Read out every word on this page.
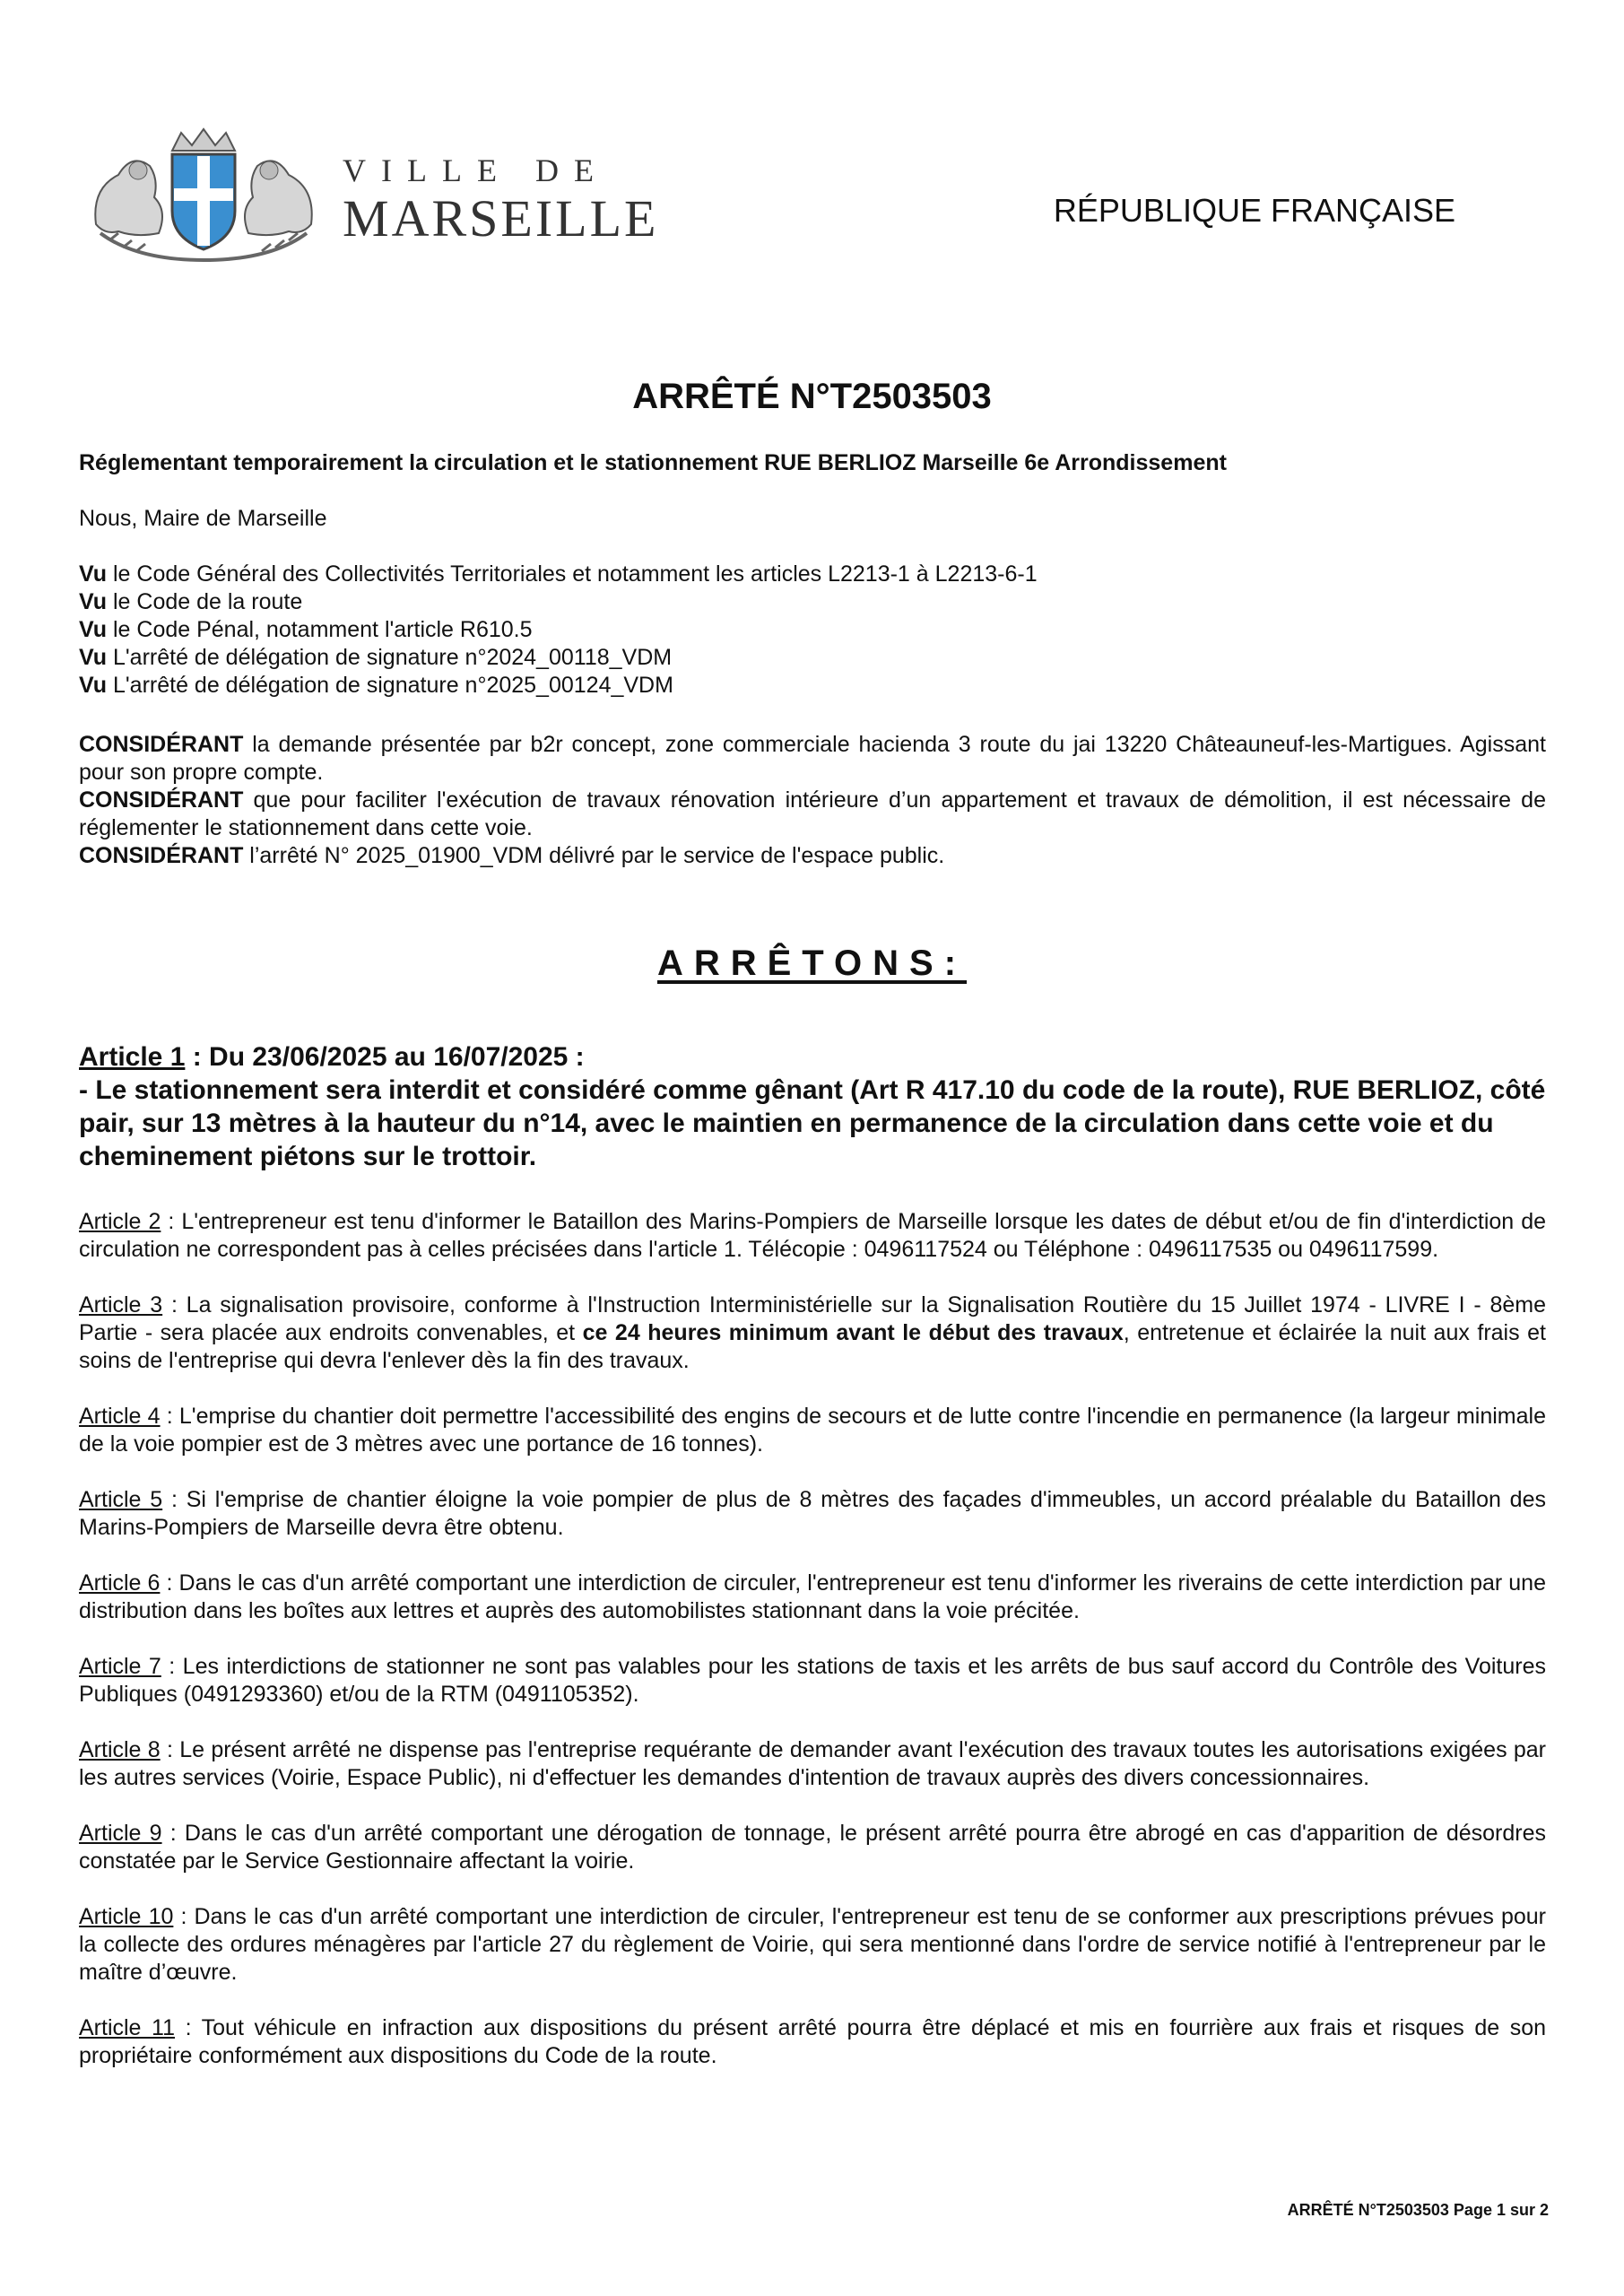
VILLE DE
MARSEILLE	RÉPUBLIQUE FRANÇAISE
ARRÊTÉ N°T2503503
Réglementant temporairement la circulation et le stationnement RUE BERLIOZ Marseille 6e Arrondissement

Nous, Maire de Marseille

Vu le Code Général des Collectivités Territoriales et notamment les articles L2213-1 à L2213-6-1

Vu le Code de la route

Vu le Code Pénal, notamment l'article R610.5

Vu L'arrêté de délégation de signature n°2024_00118_VDM

Vu L'arrêté de délégation de signature n°2025_00124_VDM

CONSIDÉRANT la demande présentée par b2r concept, zone commerciale hacienda 3 route du jai 13220 Châteauneuf-les-Martigues. Agissant pour son propre compte.

CONSIDÉRANT que pour faciliter l'exécution de travaux rénovation intérieure d’un appartement et travaux de démolition, il est nécessaire de réglementer le stationnement dans cette voie.

CONSIDÉRANT l’arrêté N° 2025_01900_VDM délivré par le service de l'espace public.

ARRÊTONS:
Article 1 : Du 23/06/2025 au 16/07/2025 :
- Le stationnement sera interdit et considéré comme gênant (Art R 417.10 du code de la route), RUE BERLIOZ, côté pair, sur 13 mètres à la hauteur du n°14, avec le maintien en permanence de la circulation dans cette voie et du cheminement piétons sur le trottoir.

Article 2 : L'entrepreneur est tenu d'informer le Bataillon des Marins-Pompiers de Marseille lorsque les dates de début et/ou de fin d'interdiction de circulation ne correspondent pas à celles précisées dans l'article 1. Télécopie : 0496117524 ou Téléphone : 0496117535 ou 0496117599.

Article 3 : La signalisation provisoire, conforme à l'Instruction Interministérielle sur la Signalisation Routière du 15 Juillet 1974 - LIVRE I - 8ème Partie - sera placée aux endroits convenables, et ce 24 heures minimum avant le début des travaux, entretenue et éclairée la nuit aux frais et soins de l'entreprise qui devra l'enlever dès la fin des travaux.

Article 4 : L'emprise du chantier doit permettre l'accessibilité des engins de secours et de lutte contre l'incendie en permanence (la largeur minimale de la voie pompier est de 3 mètres avec une portance de 16 tonnes).

Article 5 : Si l'emprise de chantier éloigne la voie pompier de plus de 8 mètres des façades d'immeubles, un accord préalable du Bataillon des Marins-Pompiers de Marseille devra être obtenu.

Article 6 : Dans le cas d'un arrêté comportant une interdiction de circuler, l'entrepreneur est tenu d'informer les riverains de cette interdiction par une distribution dans les boîtes aux lettres et auprès des automobilistes stationnant dans la voie précitée.

Article 7 : Les interdictions de stationner ne sont pas valables pour les stations de taxis et les arrêts de bus sauf accord du Contrôle des Voitures Publiques (0491293360) et/ou de la RTM (0491105352).

Article 8 : Le présent arrêté ne dispense pas l'entreprise requérante de demander avant l'exécution des travaux toutes les autorisations exigées par les autres services (Voirie, Espace Public), ni d'effectuer les demandes d'intention de travaux auprès des divers concessionnaires.

Article 9 : Dans le cas d'un arrêté comportant une dérogation de tonnage, le présent arrêté pourra être abrogé en cas d'apparition de désordres constatée par le Service Gestionnaire affectant la voirie.

Article 10 : Dans le cas d'un arrêté comportant une interdiction de circuler, l'entrepreneur est tenu de se conformer aux prescriptions prévues pour la collecte des ordures ménagères par l'article 27 du règlement de Voirie, qui sera mentionné dans l'ordre de service notifié à l'entrepreneur par le maître d’œuvre.

Article 11 : Tout véhicule en infraction aux dispositions du présent arrêté pourra être déplacé et mis en fourrière aux frais et risques de son propriétaire conformément aux dispositions du Code de la route.

ARRÊTÉ N°T2503503 Page 1 sur 2
